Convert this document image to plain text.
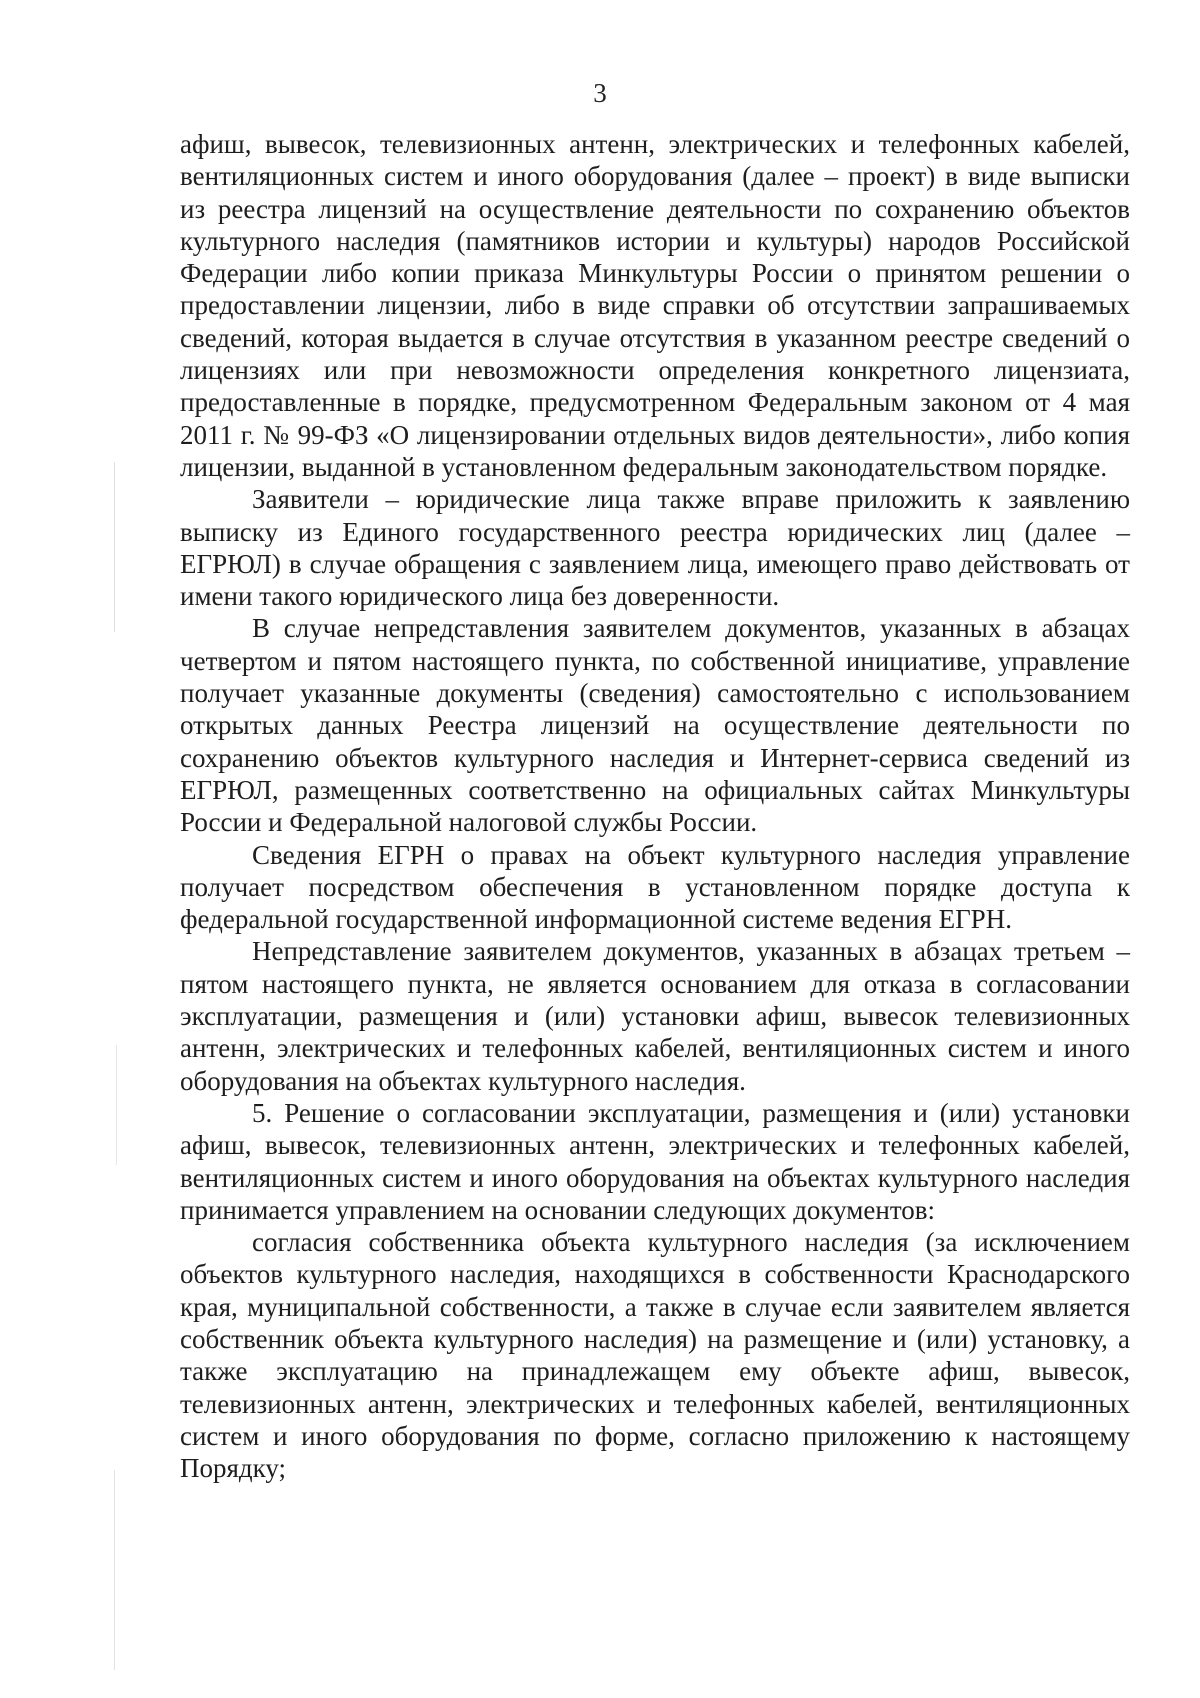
3

афиш, вывесок, телевизионных антенн, электрических и телефонных кабелей, вентиляционных систем и иного оборудования (далее – проект) в виде выписки из реестра лицензий на осуществление деятельности по сохранению объектов культурного наследия (памятников истории и культуры) народов Российской Федерации либо копии приказа Минкультуры России о принятом решении о предоставлении лицензии, либо в виде справки об отсутствии запрашиваемых сведений, которая выдается в случае отсутствия в указанном реестре сведений о лицензиях или при невозможности определения конкретного лицензиата, предоставленные в порядке, предусмотренном Федеральным законом от 4 мая 2011 г. № 99-ФЗ «О лицензировании отдельных видов деятельности», либо копия лицензии, выданной в установленном федеральным законодательством порядке.

Заявители – юридические лица также вправе приложить к заявлению выписку из Единого государственного реестра юридических лиц (далее – ЕГРЮЛ) в случае обращения с заявлением лица, имеющего право действовать от имени такого юридического лица без доверенности.

В случае непредставления заявителем документов, указанных в абзацах четвертом и пятом настоящего пункта, по собственной инициативе, управление получает указанные документы (сведения) самостоятельно с использованием открытых данных Реестра лицензий на осуществление деятельности по сохранению объектов культурного наследия и Интернет-сервиса сведений из ЕГРЮЛ, размещенных соответственно на официальных сайтах Минкультуры России и Федеральной налоговой службы России.

Сведения ЕГРН о правах на объект культурного наследия управление получает посредством обеспечения в установленном порядке доступа к федеральной государственной информационной системе ведения ЕГРН.

Непредставление заявителем документов, указанных в абзацах третьем – пятом настоящего пункта, не является основанием для отказа в согласовании эксплуатации, размещения и (или) установки афиш, вывесок телевизионных антенн, электрических и телефонных кабелей, вентиляционных систем и иного оборудования на объектах культурного наследия.

5. Решение о согласовании эксплуатации, размещения и (или) установки афиш, вывесок, телевизионных антенн, электрических и телефонных кабелей, вентиляционных систем и иного оборудования на объектах культурного наследия принимается управлением на основании следующих документов:

согласия собственника объекта культурного наследия (за исключением объектов культурного наследия, находящихся в собственности Краснодарского края, муниципальной собственности, а также в случае если заявителем является собственник объекта культурного наследия) на размещение и (или) установку, а также эксплуатацию на принадлежащем ему объекте афиш, вывесок, телевизионных антенн, электрических и телефонных кабелей, вентиляционных систем и иного оборудования по форме, согласно приложению к настоящему Порядку;
